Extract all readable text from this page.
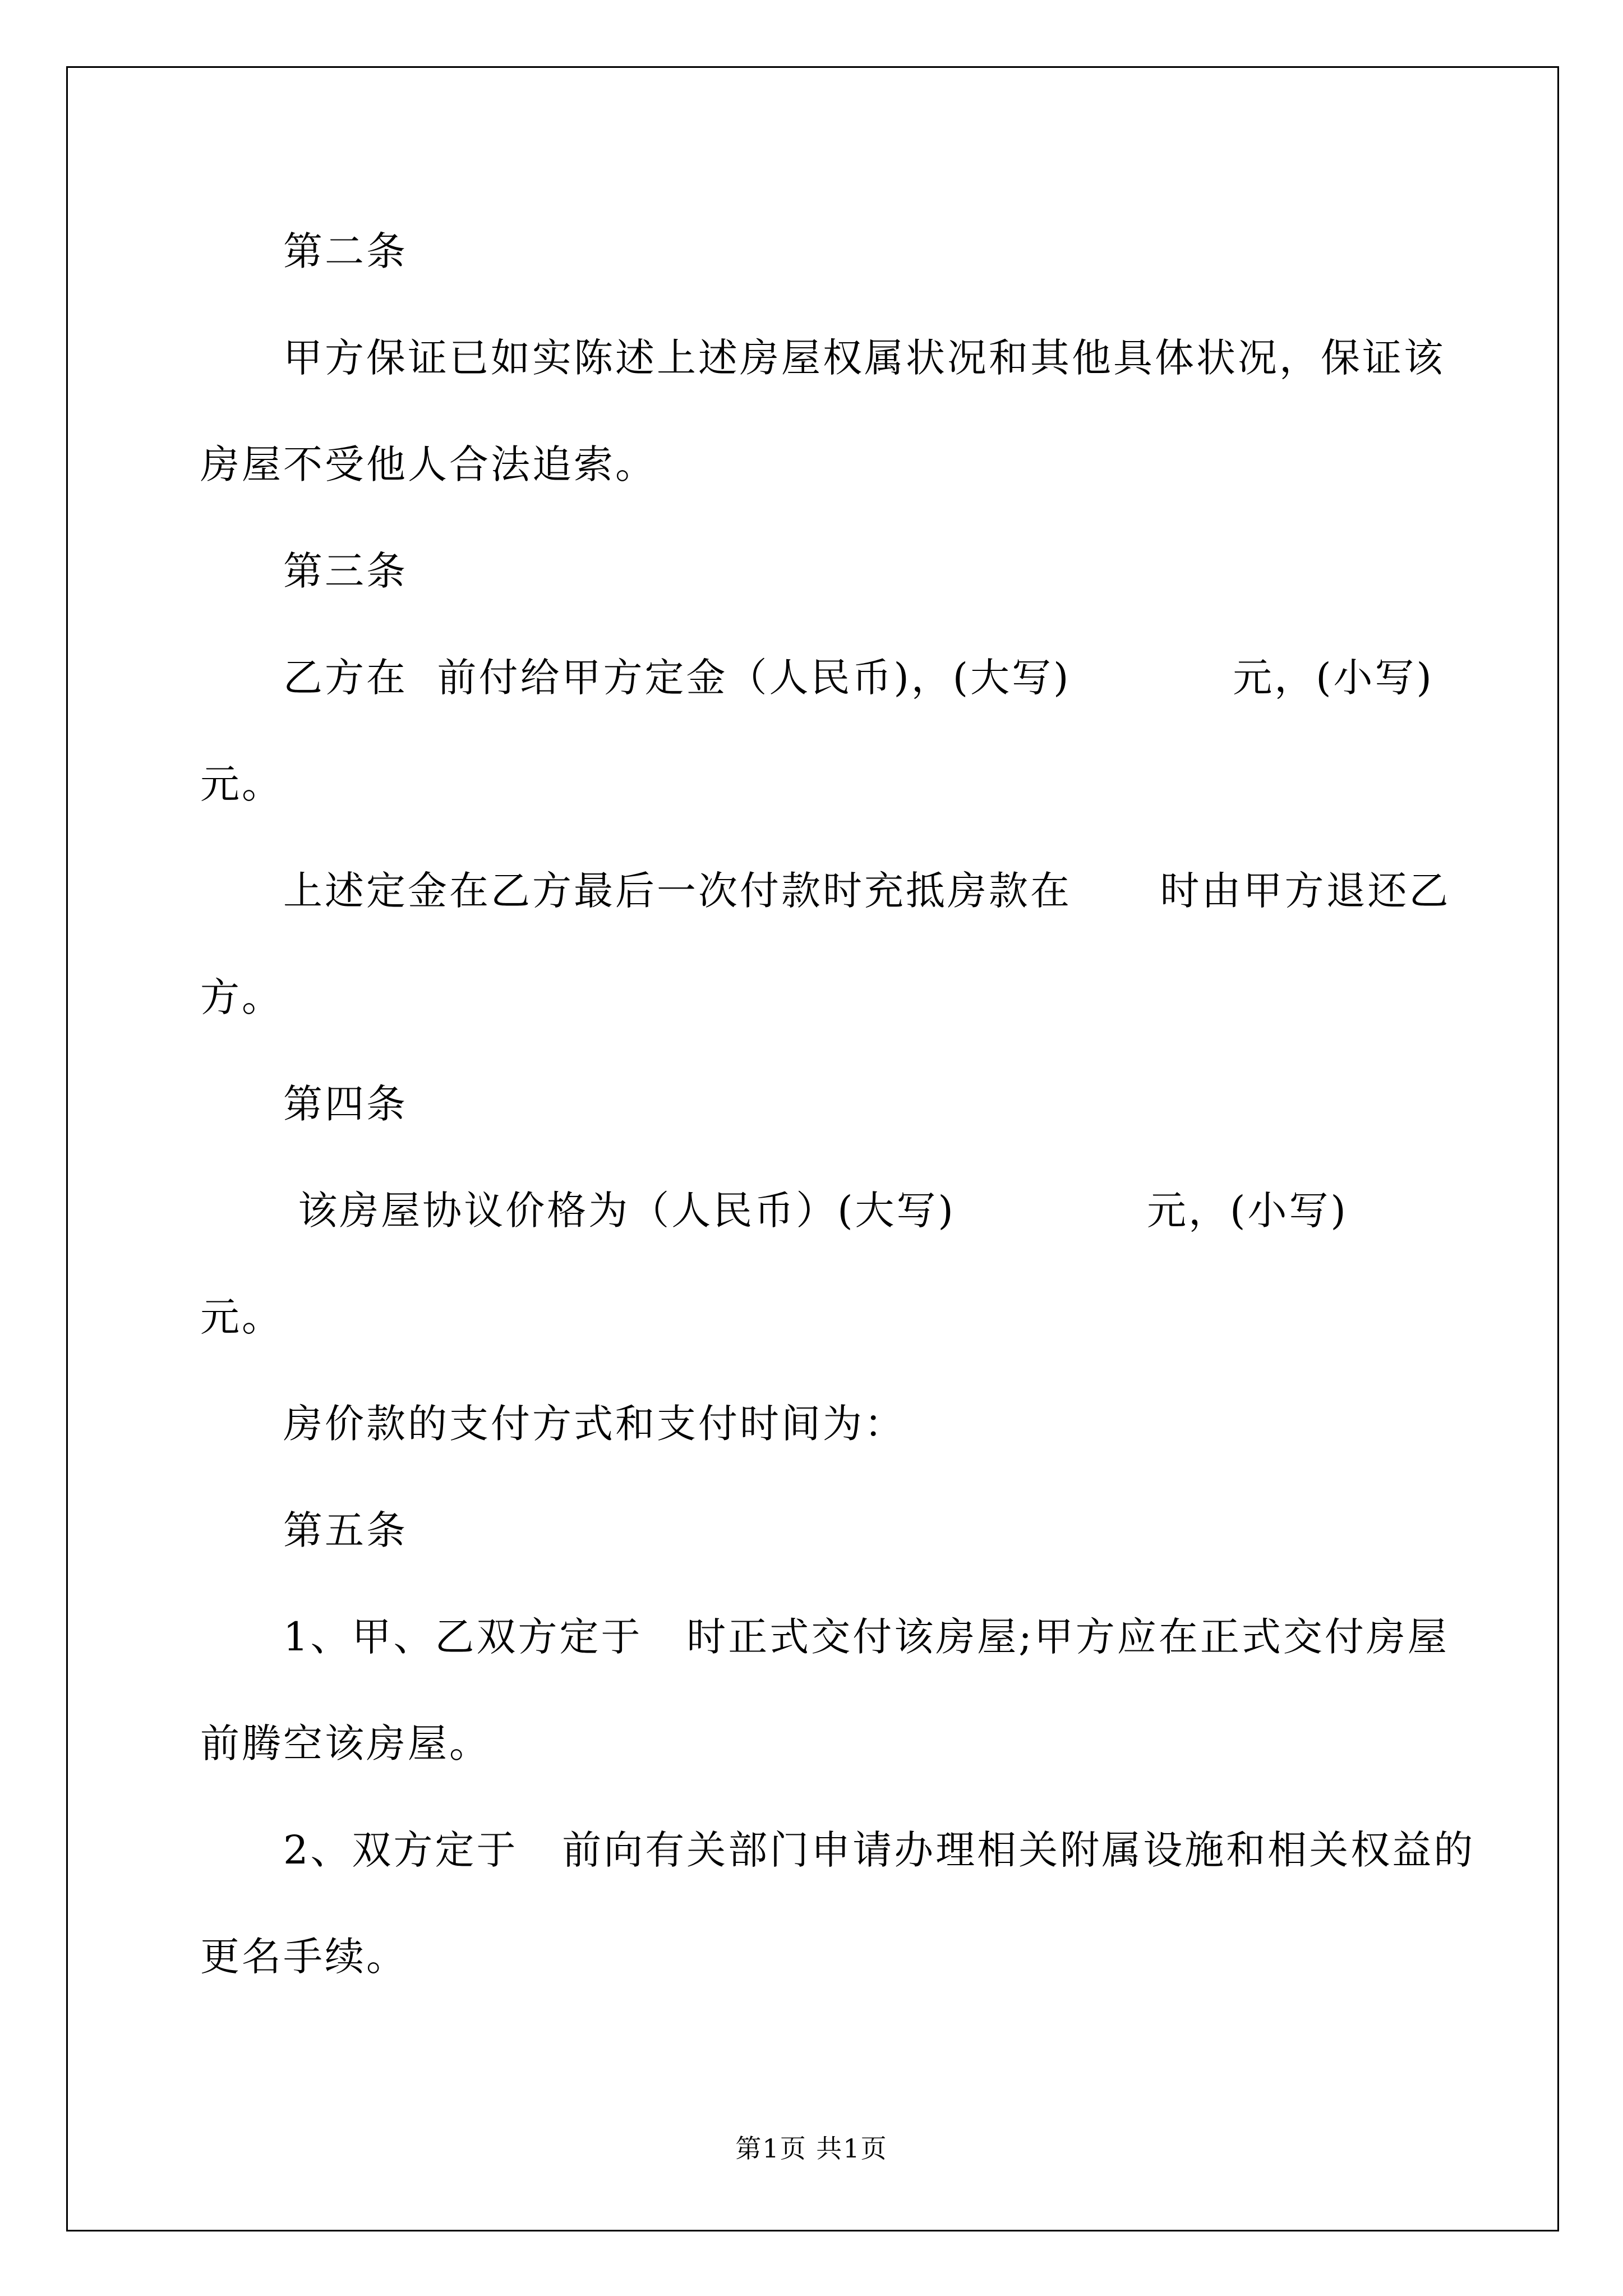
第二条
甲方保证已如实陈述上述房屋权属状况和其他具体状况，保证该
房屋不受他人合法追索。
第三条
乙方在  前付给甲方定金（人民币)，(大写)           元，(小写)
元。
上述定金在乙方最后一次付款时充抵房款在      时由甲方退还乙
方。
第四条
该房屋协议价格为（人民币）(大写)             元，(小写)
元。
房价款的支付方式和支付时间为：
第五条
1、甲、乙双方定于   时正式交付该房屋;甲方应在正式交付房屋
前腾空该房屋。
2、双方定于   前向有关部门申请办理相关附属设施和相关权益的
更名手续。
第1页 共1页
